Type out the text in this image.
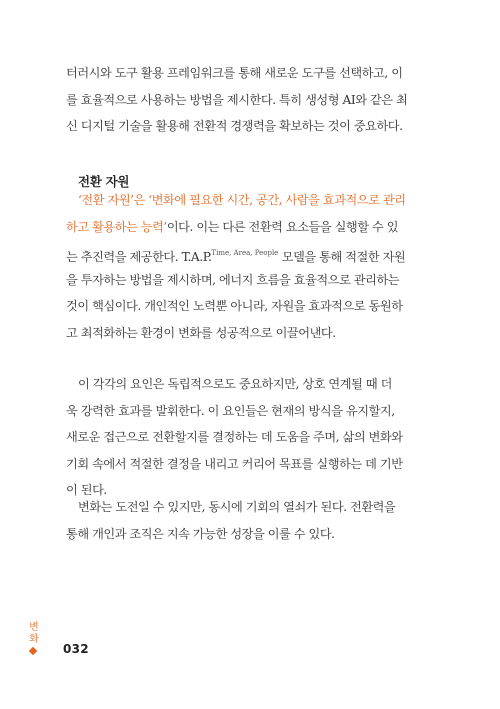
터러시와 도구 활용 프레임워크를 통해 새로운 도구를 선택하고, 이
를 효율적으로 사용하는 방법을 제시한다. 특히 생성형 AI와 같은 최
신 디지털 기술을 활용해 전환적 경쟁력을 확보하는 것이 중요하다.
전환 자원
‘전환 자원’은 ‘변화에 필요한 시간, 공간, 사람을 효과적으로 관리
하고 활용하는 능력’이다. 이는 다른 전환력 요소들을 실행할 수 있
는 추진력을 제공한다. T.A.P.$^{Time, Area, People}$ 모델을 통해 적절한 자원
을 투자하는 방법을 제시하며, 에너지 흐름을 효율적으로 관리하는
것이 핵심이다. 개인적인 노력뿐 아니라, 자원을 효과적으로 동원하
고 최적화하는 환경이 변화를 성공적으로 이끌어낸다.
이 각각의 요인은 독립적으로도 중요하지만, 상호 연계될 때 더
욱 강력한 효과를 발휘한다. 이 요인들은 현재의 방식을 유지할지,
새로운 접근으로 전환할지를 결정하는 데 도움을 주며, 삶의 변화와
기회 속에서 적절한 결정을 내리고 커리어 목표를 실행하는 데 기반
이 된다.
변화는 도전일 수 있지만, 동시에 기회의 열쇠가 된다. 전환력을
통해 개인과 조직은 지속 가능한 성장을 이룰 수 있다.
변
화
032
